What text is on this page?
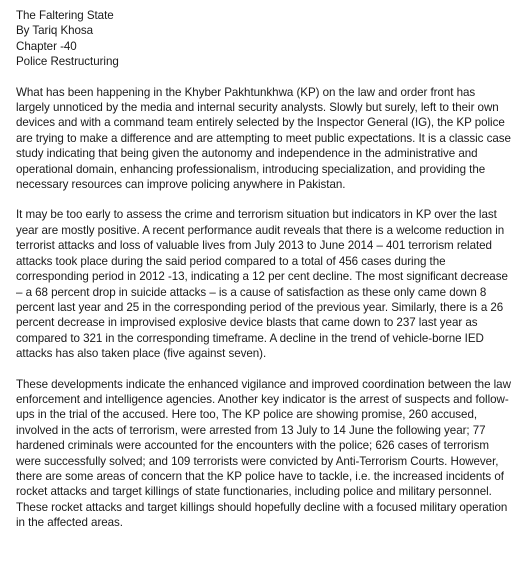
The Faltering State
By Tariq Khosa
Chapter -40
Police Restructuring

What has been happening in the Khyber Pakhtunkhwa (KP) on the law and order front has largely unnoticed by the media and internal security analysts. Slowly but surely, left to their own devices and with a command team entirely selected by the Inspector General (IG), the KP police are trying to make a difference and are attempting to meet public expectations. It is a classic case study indicating that being given the autonomy and independence in the administrative and operational domain, enhancing professionalism, introducing specialization, and providing the necessary resources can improve policing anywhere in Pakistan.

It may be too early to assess the crime and terrorism situation but indicators in KP over the last year are mostly positive. A recent performance audit reveals that there is a welcome reduction in terrorist attacks and loss of valuable lives from July 2013 to June 2014 – 401 terrorism related attacks took place during the said period compared to a total of 456 cases during the corresponding period in 2012 -13, indicating a 12 per cent decline. The most significant decrease – a 68 percent drop in suicide attacks – is a cause of satisfaction as these only came down 8 percent last year and 25 in the corresponding period of the previous year. Similarly, there is a 26 percent decrease in improvised explosive device blasts that came down to 237 last year as compared to 321 in the corresponding timeframe. A decline in the trend of vehicle-borne IED attacks has also taken place (five against seven).

These developments indicate the enhanced vigilance and improved coordination between the law enforcement and intelligence agencies. Another key indicator is the arrest of suspects and follow-ups in the trial of the accused. Here too, The KP police are showing promise, 260 accused, involved in the acts of terrorism, were arrested from 13 July to 14 June the following year; 77 hardened criminals were accounted for the encounters with the police; 626 cases of terrorism were successfully solved; and 109 terrorists were convicted by Anti-Terrorism Courts. However, there are some areas of concern that the KP police have to tackle, i.e. the increased incidents of rocket attacks and target killings of state functionaries, including police and military personnel. These rocket attacks and target killings should hopefully decline with a focused military operation in the affected areas.
